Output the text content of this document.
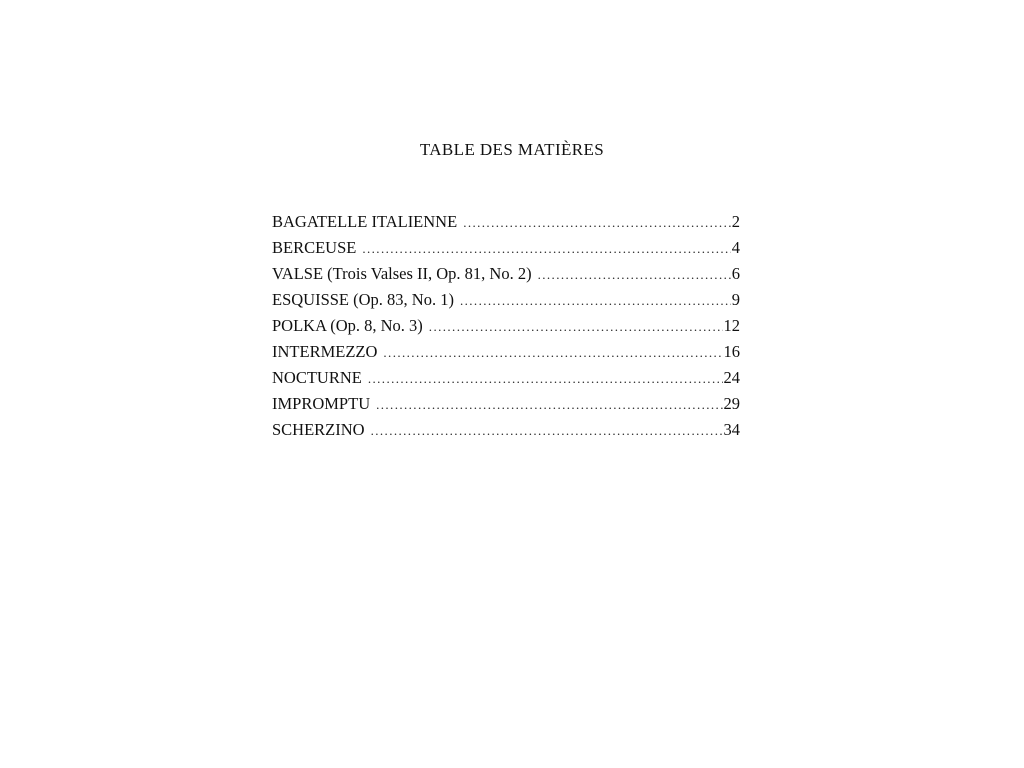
TABLE DES MATIÈRES
BAGATELLE ITALIENNE .....	2
BERCEUSE .....	4
VALSE (Trois Valses II, Op. 81, No. 2) .....	6
ESQUISSE (Op. 83, No. 1) .....	9
POLKA (Op. 8, No. 3) .....	12
INTERMEZZO .....	16
NOCTURNE .....	24
IMPROMPTU .....	29
SCHERZINO .....	34
